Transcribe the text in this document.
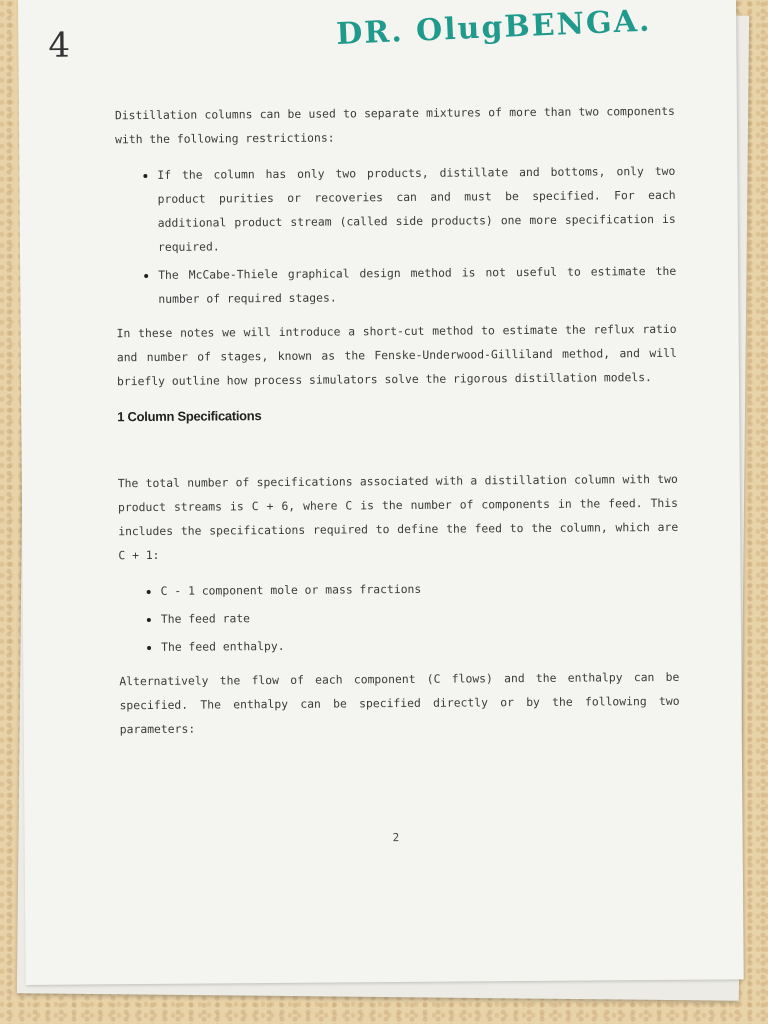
4	DR. OlugBENGA.

Distillation columns can be used to separate mixtures of more than two components with the following restrictions:

• If the column has only two products, distillate and bottoms, only two product purities or recoveries can and must be specified. For each additional product stream (called side products) one more specification is required.
• The McCabe-Thiele graphical design method is not useful to estimate the number of required stages.

In these notes we will introduce a short-cut method to estimate the reflux ratio and number of stages, known as the Fenske-Underwood-Gilliland method, and will briefly outline how process simulators solve the rigorous distillation models.

1 Column Specifications

The total number of specifications associated with a distillation column with two product streams is C + 6, where C is the number of components in the feed. This includes the specifications required to define the feed to the column, which are C + 1:

• C - 1 component mole or mass fractions
• The feed rate
• The feed enthalpy.

Alternatively the flow of each component (C flows) and the enthalpy can be specified. The enthalpy can be specified directly or by the following two parameters:

2
